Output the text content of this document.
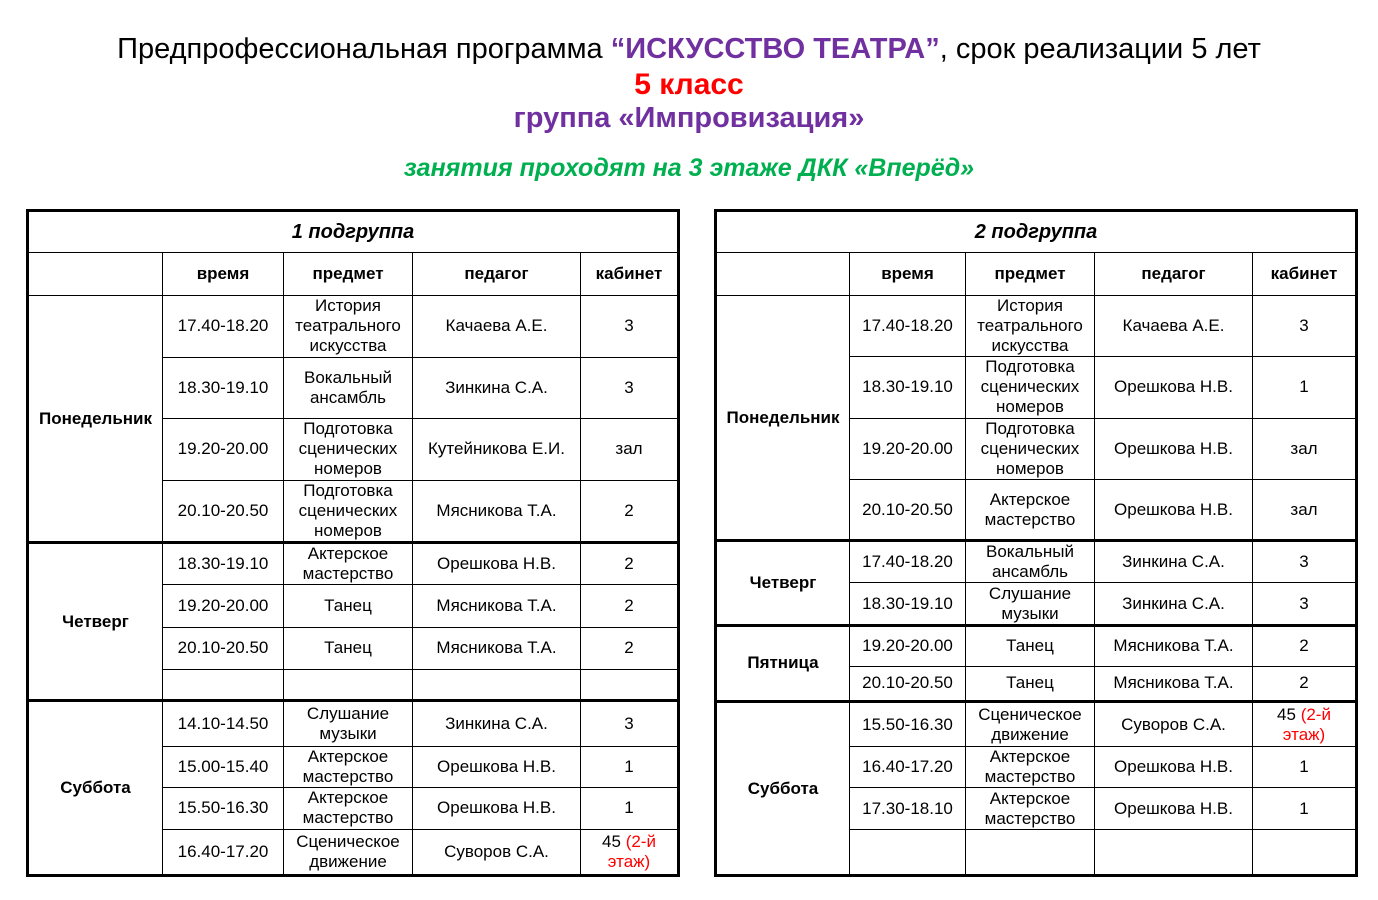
Предпрофессиональная программа “ИСКУССТВО ТЕАТРА”, срок реализации 5 лет
5 класс
группа «Импровизация»
занятия проходят на 3 этаже ДКК «Вперёд»
1 подгруппа				
	время	предмет	педагог	кабинет
Понедельник	17.40-18.20	История театрального искусства	Качаева А.Е.	3
	18.30-19.10	Вокальный ансамбль	Зинкина С.А.	3
	19.20-20.00	Подготовка сценических номеров	Кутейникова Е.И.	зал
	20.10-20.50	Подготовка сценических номеров	Мясникова Т.А.	2
Четверг	18.30-19.10	Актерское мастерство	Орешкова Н.В.	2
	19.20-20.00	Танец	Мясникова Т.А.	2
	20.10-20.50	Танец	Мясникова Т.А.	2

Суббота	14.10-14.50	Слушание музыки	Зинкина С.А.	3
	15.00-15.40	Актерское мастерство	Орешкова Н.В.	1
	15.50-16.30	Актерское мастерство	Орешкова Н.В.	1
	16.40-17.20	Сценическое движение	Суворов С.А.	45 (2-й этаж)
2 подгруппа				
	время	предмет	педагог	кабинет
Понедельник	17.40-18.20	История театрального искусства	Качаева А.Е.	3
	18.30-19.10	Подготовка сценических номеров	Орешкова Н.В.	1
	19.20-20.00	Подготовка сценических номеров	Орешкова Н.В.	зал
	20.10-20.50	Актерское мастерство	Орешкова Н.В.	зал
Четверг	17.40-18.20	Вокальный ансамбль	Зинкина С.А.	3
	18.30-19.10	Слушание музыки	Зинкина С.А.	3
Пятница	19.20-20.00	Танец	Мясникова Т.А.	2
	20.10-20.50	Танец	Мясникова Т.А.	2
Суббота	15.50-16.30	Сценическое движение	Суворов С.А.	45 (2-й этаж)
	16.40-17.20	Актерское мастерство	Орешкова Н.В.	1
	17.30-18.10	Актерское мастерство	Орешкова Н.В.	1
